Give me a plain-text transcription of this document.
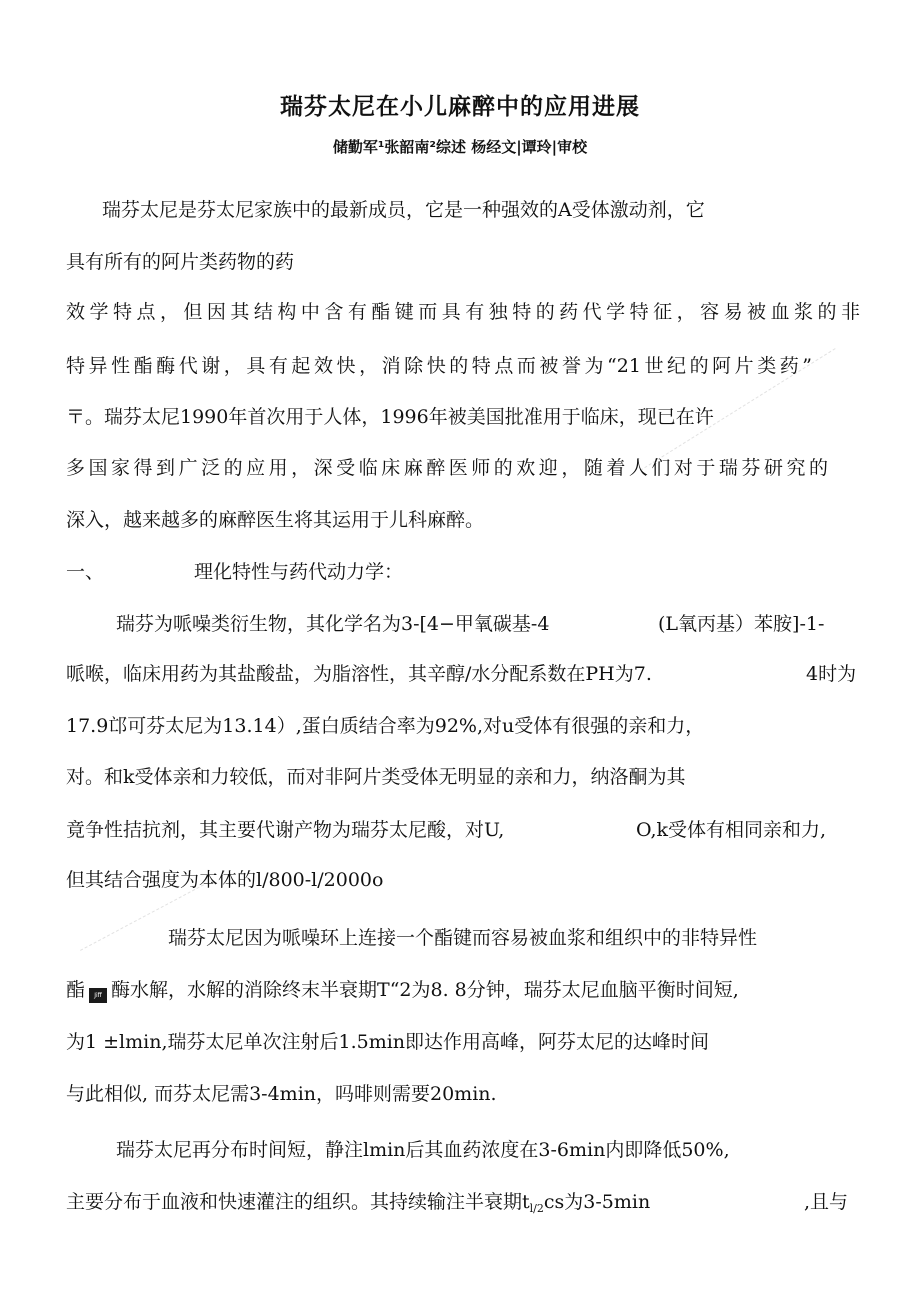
瑞芬太尼在小儿麻醉中的应用进展
储勤军¹张韶南²综述 杨经文|谭玲|审校
瑞芬太尼是芬太尼家族中的最新成员，它是一种强效的A受体激动剂，它
具有所有的阿片类药物的药
效学特点，但因其结构中含有酯键而具有独特的药代学特征，容易被血浆的非
特异性酯酶代谢，具有起效快，消除快的特点而被誉为“21世纪的阿片类药”
〒。瑞芬太尼1990年首次用于人体，1996年被美国批准用于临床，现已在许
多国家得到广泛的应用，深受临床麻醉医师的欢迎，随着人们对于瑞芬研究的
深入，越来越多的麻醉医生将其运用于儿科麻醉。
一、	理化特性与药代动力学：
瑞芬为哌噪类衍生物，其化学名为3-[4−甲氧碳基-4	(L氧丙基）苯胺]-1-
哌喉，临床用药为其盐酸盐，为脂溶性，其辛醇/水分配系数在PH为7.	4时为
17.9邙可芬太尼为13.14）,蛋白质结合率为92%,对u受体有很强的亲和力，
对。和k受体亲和力较低，而对非阿片类受体无明显的亲和力，纳洛酮为其
竟争性拮抗剂，其主要代谢产物为瑞芬太尼酸，对U,	O,k受体有相同亲和力,
但其结合强度为本体的l/800-l/2000o
瑞芬太尼因为哌噪环上连接一个酯键而容易被血浆和组织中的非特异性
酯 Jiff 酶水解，水解的消除终末半衰期T“2为8. 8分钟，瑞芬太尼血脑平衡时间短,
为1 ±lmin,瑞芬太尼单次注射后1.5min即达作用高峰，阿芬太尼的达峰时间
与此相似, 而芬太尼需3-4min，吗啡则需要20min.
瑞芬太尼再分布时间短，静注lmin后其血药浓度在3-6min内即降低50%,
主要分布于血液和快速灌注的组织。其持续输注半衰期$t_{l/2}cs$为3-5min	,且与
